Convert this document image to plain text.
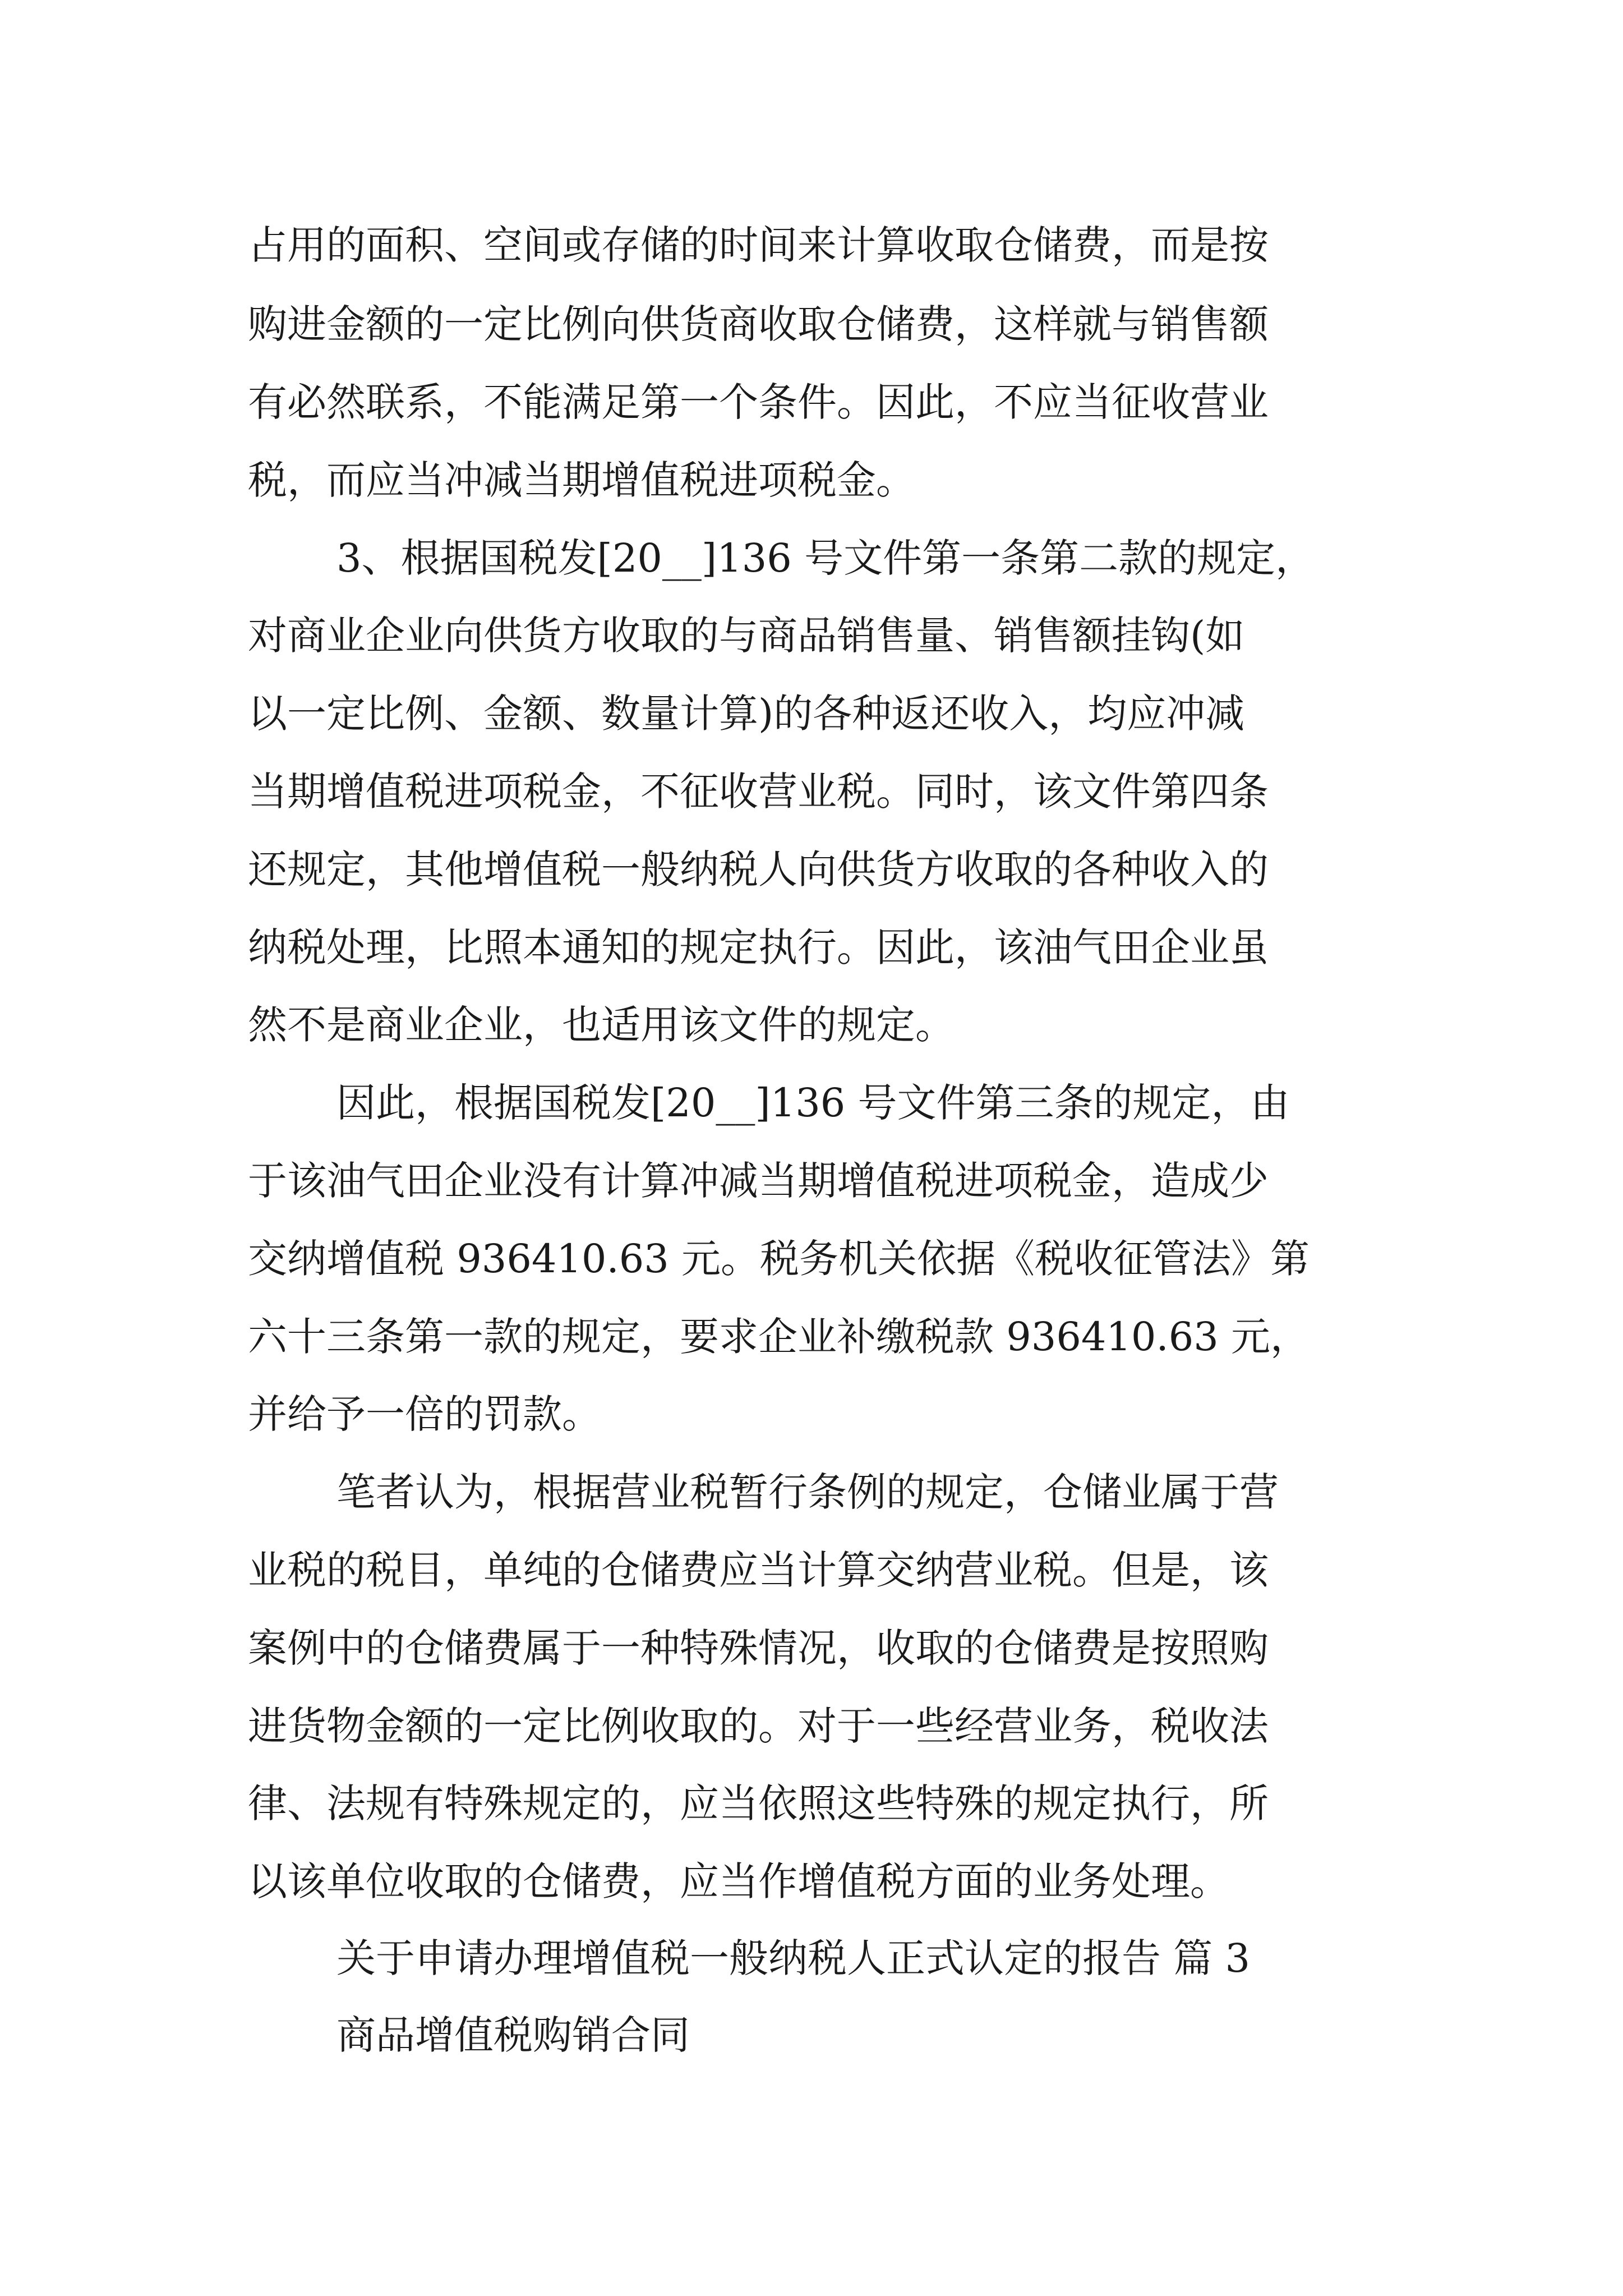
占用的面积、空间或存储的时间来计算收取仓储费，而是按

购进金额的一定比例向供货商收取仓储费，这样就与销售额

有必然联系，不能满足第一个条件。因此，不应当征收营业

税，而应当冲减当期增值税进项税金。

3、根据国税发[20__]136 号文件第一条第二款的规定，

对商业企业向供货方收取的与商品销售量、销售额挂钩(如

以一定比例、金额、数量计算)的各种返还收入，均应冲减

当期增值税进项税金，不征收营业税。同时，该文件第四条

还规定，其他增值税一般纳税人向供货方收取的各种收入的

纳税处理，比照本通知的规定执行。因此，该油气田企业虽

然不是商业企业，也适用该文件的规定。

因此，根据国税发[20__]136 号文件第三条的规定，由

于该油气田企业没有计算冲减当期增值税进项税金，造成少

交纳增值税 936410.63 元。税务机关依据《税收征管法》第

六十三条第一款的规定，要求企业补缴税款 936410.63 元，

并给予一倍的罚款。

笔者认为，根据营业税暂行条例的规定，仓储业属于营

业税的税目，单纯的仓储费应当计算交纳营业税。但是，该

案例中的仓储费属于一种特殊情况，收取的仓储费是按照购

进货物金额的一定比例收取的。对于一些经营业务，税收法

律、法规有特殊规定的，应当依照这些特殊的规定执行，所

以该单位收取的仓储费，应当作增值税方面的业务处理。

关于申请办理增值税一般纳税人正式认定的报告 篇 3

商品增值税购销合同
